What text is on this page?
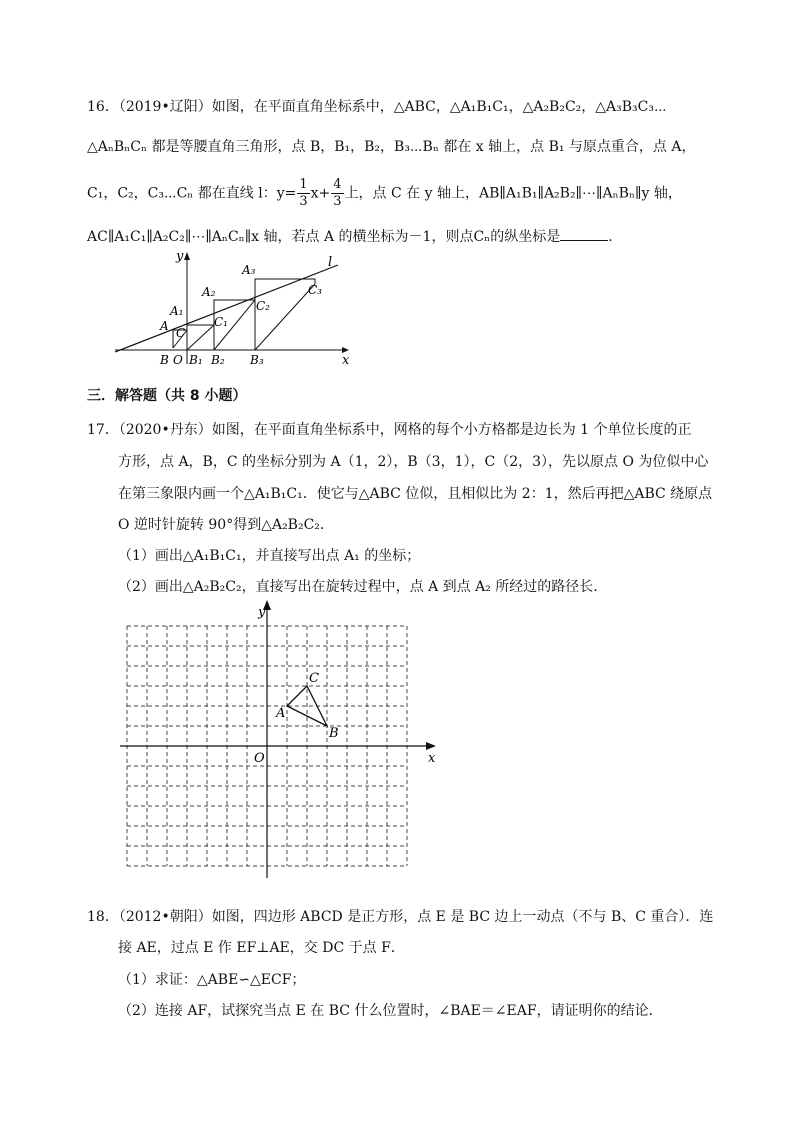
16．（2019•辽阳）如图，在平面直角坐标系中，△ABC，△A₁B₁C₁，△A₂B₂C₂，△A₃B₃C₃⋯
△AₙBₙCₙ 都是等腰直角三角形，点 B，B₁，B₂，B₃⋯Bₙ 都在 x 轴上，点 B₁ 与原点重合，点 A，
C₁，C₂，C₃⋯Cₙ 都在直线 l：$y= \frac{1}{3} x+ \frac{4}{3}$ 上，点 C 在 y 轴上，AB∥A₁B₁∥A₂B₂∥⋯∥AₙBₙ∥y 轴，
AC∥A₁C₁∥A₂C₂∥⋯∥AₙCₙ∥x 轴，若点 A 的横坐标为－1，则点Cₙ的纵坐标是	.
y
x
l
A
A₁
A₂
A₃
C
C₁
C₂
C₃
B O B₁ B₂ B₃
三．解答题（共 8 小题）
17．（2020•丹东）如图，在平面直角坐标系中，网格的每个小方格都是边长为 1 个单位长度的正
方形，点 A，B，C 的坐标分别为 A（1，2），B（3，1），C（2，3），先以原点 O 为位似中心
在第三象限内画一个△A₁B₁C₁．使它与△ABC 位似，且相似比为 2：1，然后再把△ABC 绕原点
O 逆时针旋转 90°得到△A₂B₂C₂．
（1）画出△A₁B₁C₁，并直接写出点 A₁ 的坐标；
（2）画出△A₂B₂C₂，直接写出在旋转过程中，点 A 到点 A₂ 所经过的路径长．
y
x
O
A
B
C
18．（2012•朝阳）如图，四边形 ABCD 是正方形，点 E 是 BC 边上一动点（不与 B、C 重合）．连
接 AE，过点 E 作 EF⊥AE，交 DC 于点 F．
（1）求证：△ABE∽△ECF；
（2）连接 AF，试探究当点 E 在 BC 什么位置时，∠BAE＝∠EAF，请证明你的结论．
